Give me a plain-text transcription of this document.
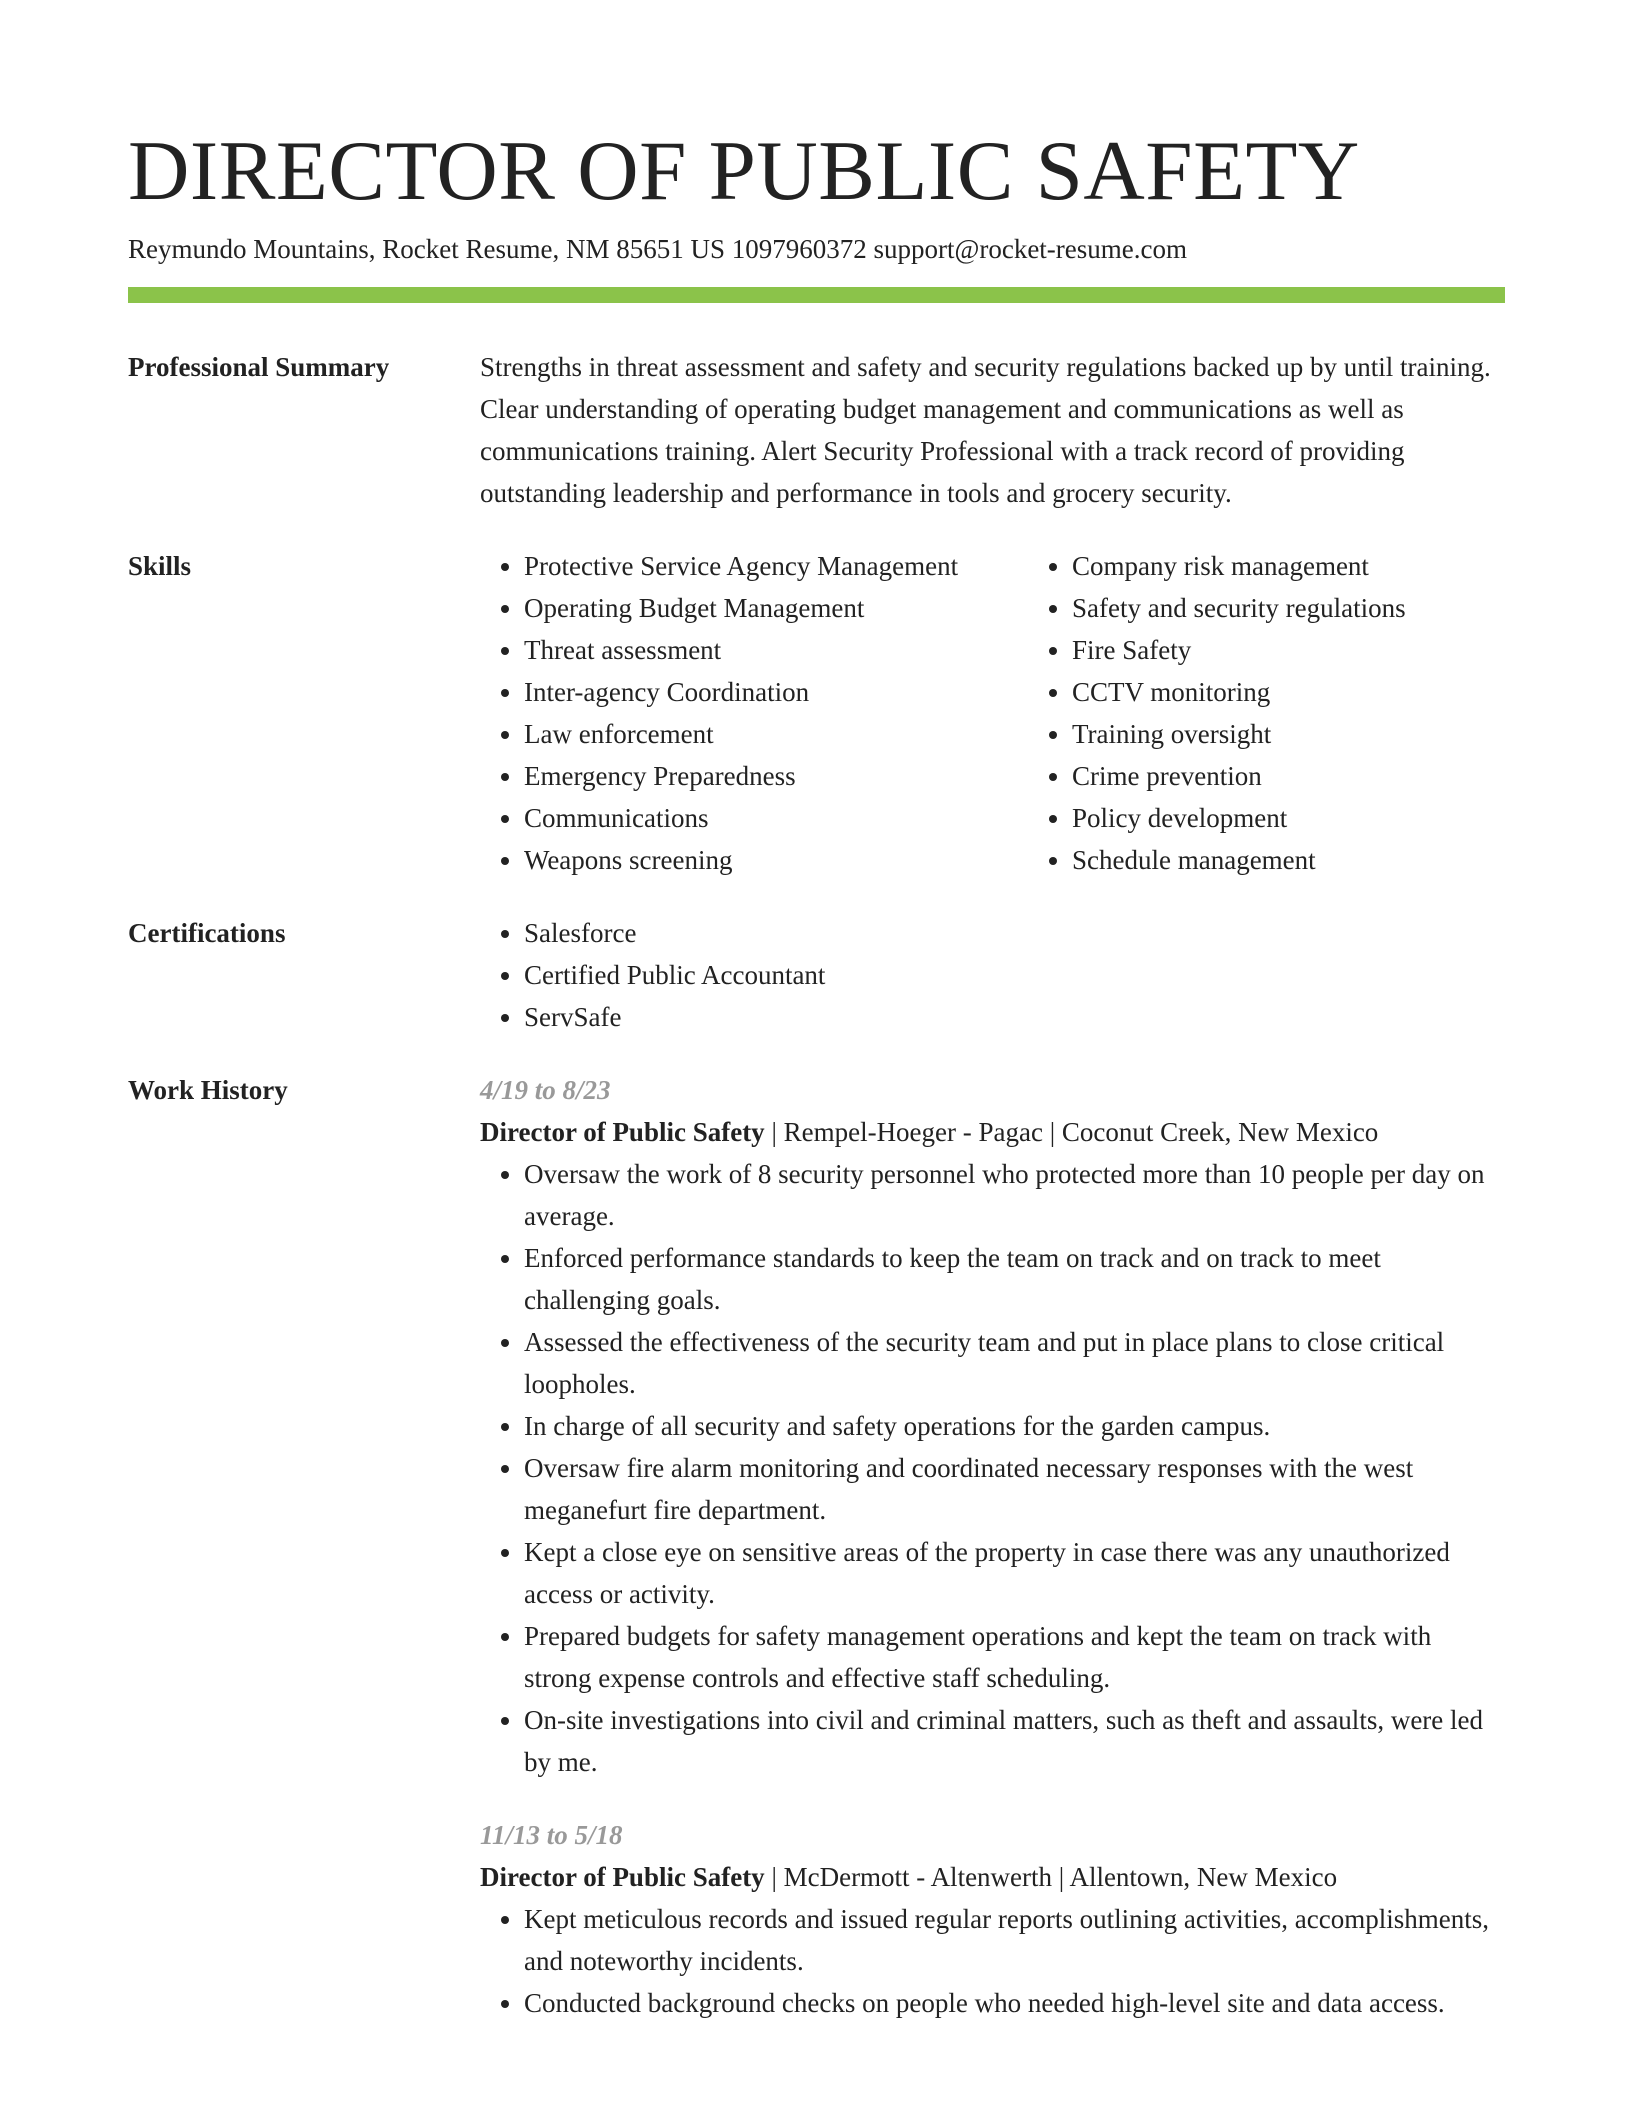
DIRECTOR OF PUBLIC SAFETY
Reymundo Mountains, Rocket Resume, NM 85651 US 1097960372 support@rocket-resume.com
Professional Summary	Strengths in threat assessment and safety and security regulations backed up by until training. Clear understanding of operating budget management and communications as well as communications training. Alert Security Professional with a track record of providing outstanding leadership and performance in tools and grocery security.

Skills	• Protective Service Agency Management
• Operating Budget Management
• Threat assessment
• Inter-agency Coordination
• Law enforcement
• Emergency Preparedness
• Communications
• Weapons screening
• Company risk management
• Safety and security regulations
• Fire Safety
• CCTV monitoring
• Training oversight
• Crime prevention
• Policy development
• Schedule management
Certifications	• Salesforce
• Certified Public Accountant
• ServSafe
Work History	4/19 to 8/23
Director of Public Safety | Rempel-Hoeger - Pagac | Coconut Creek, New Mexico
• Oversaw the work of 8 security personnel who protected more than 10 people per day on average.
• Enforced performance standards to keep the team on track and on track to meet challenging goals.
• Assessed the effectiveness of the security team and put in place plans to close critical loopholes.
• In charge of all security and safety operations for the garden campus.
• Oversaw fire alarm monitoring and coordinated necessary responses with the west meganefurt fire department.
• Kept a close eye on sensitive areas of the property in case there was any unauthorized access or activity.
• Prepared budgets for safety management operations and kept the team on track with strong expense controls and effective staff scheduling.
• On-site investigations into civil and criminal matters, such as theft and assaults, were led by me.
11/13 to 5/18
Director of Public Safety | McDermott - Altenwerth | Allentown, New Mexico
• Kept meticulous records and issued regular reports outlining activities, accomplishments, and noteworthy incidents.
• Conducted background checks on people who needed high-level site and data access.
